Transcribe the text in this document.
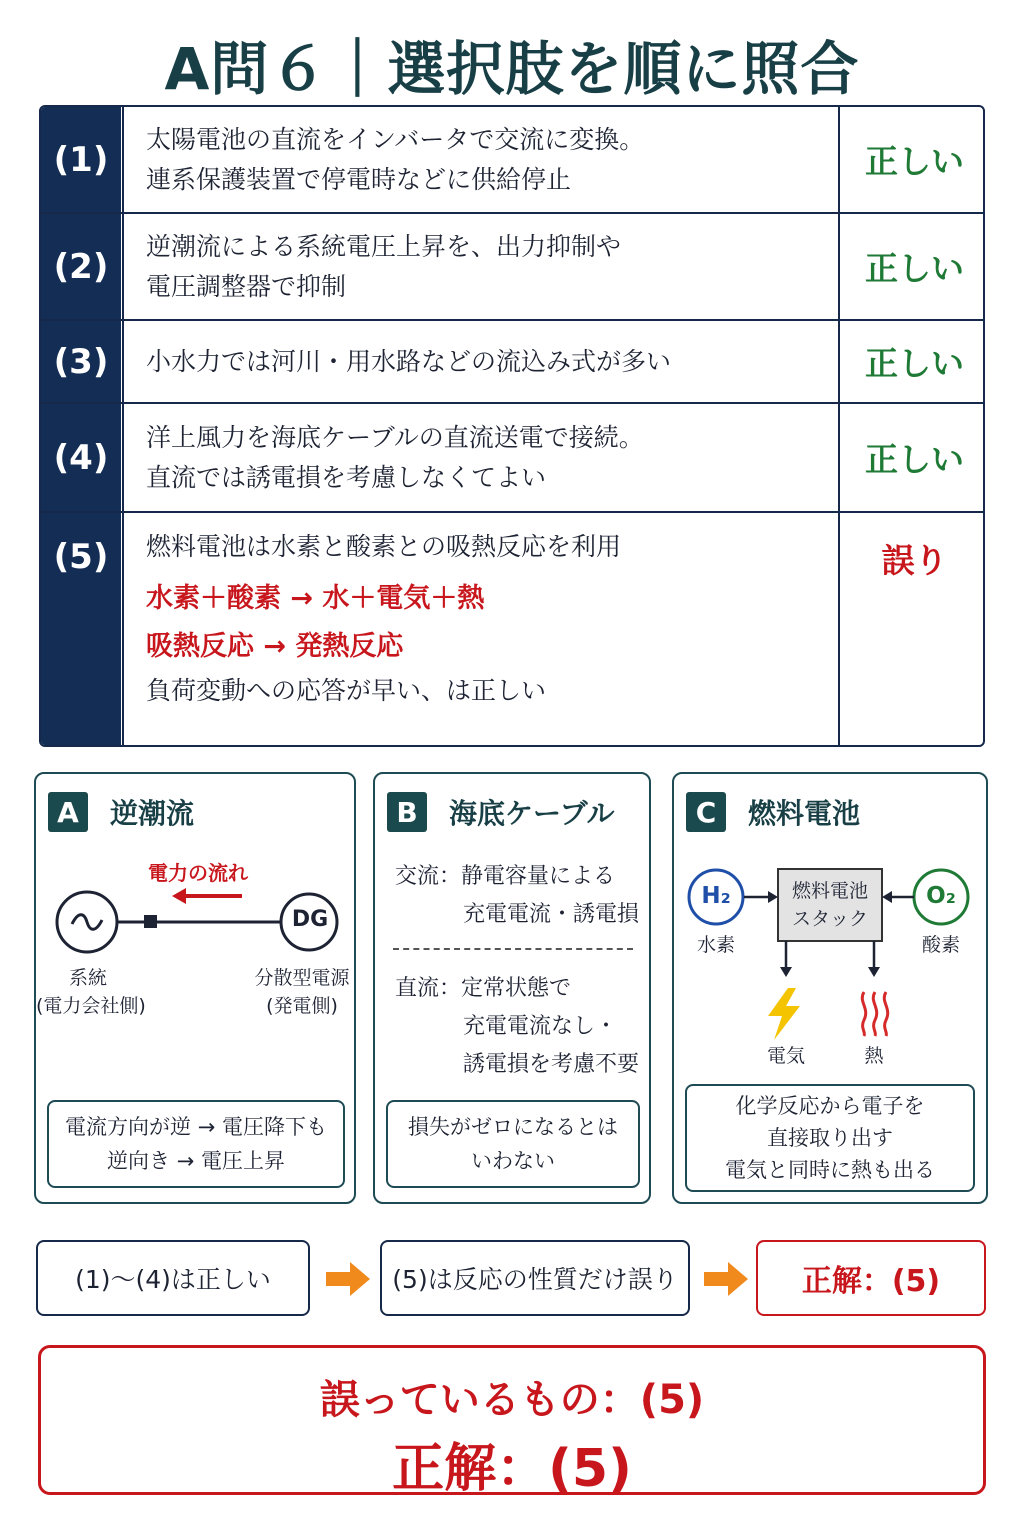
A問６｜選択肢を順に照合
(1)
太陽電池の直流をインバータで交流に変換。
連系保護装置で停電時などに供給停止	正しい
(2)
逆潮流による系統電圧上昇を、出力抑制や
電圧調整器で抑制	正しい
(3)	小水力では河川・用水路などの流込み式が多い	正しい
(4)
洋上風力を海底ケーブルの直流送電で接続。
直流では誘電損を考慮しなくてよい	正しい
(5)	燃料電池は水素と酸素との吸熱反応を利用
水素＋酸素 → 水＋電気＋熱
吸熱反応 → 発熱反応
負荷変動への応答が早い、は正しい
誤り
A	逆潮流
電力の流れ
DG
系統
(電力会社側)
分散型電源
(発電側)
電流方向が逆 → 電圧降下も
逆向き → 電圧上昇
B	海底ケーブル
交流：静電容量による
充電電流・誘電損
直流：定常状態で
充電電流なし・
誘電損を考慮不要
損失がゼロになるとは
いわない
C	燃料電池
H₂	O₂
水素	酸素
燃料電池
スタック
電気	熱
化学反応から電子を
直接取り出す
電気と同時に熱も出る
(1)～(4)は正しい	(5)は反応の性質だけ誤り	正解：(5)
誤っているもの：(5)
正解：(5)
